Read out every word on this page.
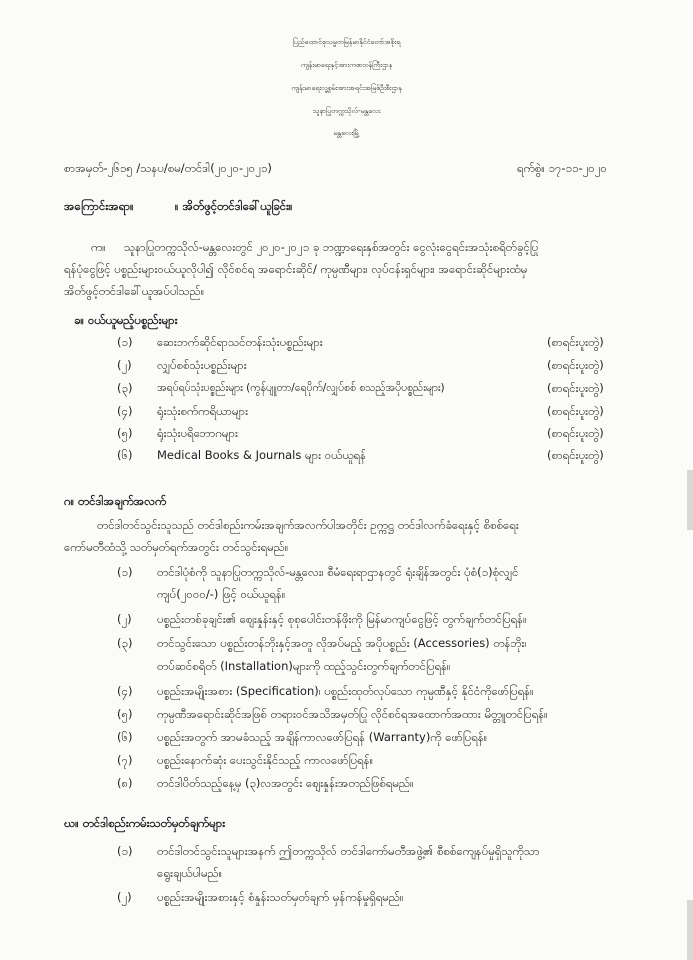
ပြည်ထောင်စုသမ္မတမြန်မာနိုင်ငံတော်အစိုးရ
ကျန်းမာရေးနှင့်အားကစားဝန်ကြီးဌာန
ကျန်းမာရေးလူ့စွမ်းအားအရင်းအမြစ်ဦးစီးဌာန
သူနာပြုတက္ကသိုလ်-မန္တလေး
မန္တလေးမြို့
စာအမှတ်-၂၆၁၅ /သနပ/စမ/တင်ဒါ(၂၀၂၀-၂၀၂၁)	ရက်စွဲ။ ၁၇-၁၁-၂၀၂၀
အကြောင်းအရာ။	။ အိတ်ဖွင့်တင်ဒါခေါ်ယူခြင်း။
က။ သူနာပြုတက္ကသိုလ်-မန္တလေးတွင် ၂၀၂၀-၂၀၂၁ ခု ဘဏ္ဍာရေးနှစ်အတွင်း ငွေလုံးငွေရင်းအသုံးစရိတ်ခွင့်ပြု
ရန်ပုံငွေဖြင့် ပစ္စည်းများဝယ်ယူလိုပါ၍ လိုင်စင်ရ အရောင်းဆိုင်/ ကုမ္ပဏီများ၊ လုပ်ငန်းရှင်များ၊ အရောင်းဆိုင်များထံမှ
အိတ်ဖွင့်တင်ဒါခေါ်ယူအပ်ပါသည်။
ခ။ ဝယ်ယူမည့်ပစ္စည်းများ
(၁) ဆေးဘက်ဆိုင်ရာသင်တန်းသုံးပစ္စည်းများ	(စာရင်းပူးတွဲ)
(၂) လျှပ်စစ်သုံးပစ္စည်းများ	(စာရင်းပူးတွဲ)
(၃) အရပ်ရပ်သုံးပစ္စည်းများ (ကွန်ပျူတာ/ရေပိုက်/လျှပ်စစ် စသည့်အပိုပစ္စည်းများ)	(စာရင်းပူးတွဲ)
(၄) ရုံးသုံးစက်ကရိယာများ	(စာရင်းပူးတွဲ)
(၅) ရုံးသုံးပရိဘောဂများ	(စာရင်းပူးတွဲ)
(၆) Medical Books & Journals များ ဝယ်ယူရန်	(စာရင်းပူးတွဲ)
ဂ။ တင်ဒါအချက်အလက်
တင်ဒါတင်သွင်းသူသည် တင်ဒါစည်းကမ်းအချက်အလက်ပါအတိုင်း ဥက္ကဋ္ဌ တင်ဒါလက်ခံရေးနှင့် စိစစ်ရေး
ကော်မတီထံသို့ သတ်မှတ်ရက်အတွင်း တင်သွင်းရမည်။
(၁) တင်ဒါပုံစံကို သူနာပြုတက္ကသိုလ်-မန္တလေး၊ စီမံရေးရာဌာနတွင် ရုံးချိန်အတွင်း ပုံစံ(၁)စုံလျှင်
ကျပ်(၂၀၀၀/-) ဖြင့် ဝယ်ယူရန်။
(၂) ပစ္စည်းတစ်ခုချင်း၏ ဈေးနှုန်းနှင့် စုစုပေါင်းတန်ဖိုးကို မြန်မာကျပ်ငွေဖြင့် တွက်ချက်တင်ပြရန်။
(၃) တင်သွင်းသော ပစ္စည်းတန်ဘိုးနှင့်အတူ လိုအပ်မည့် အပိုပစ္စည်း (Accessories) တန်ဘိုး၊
တပ်ဆင်စရိတ် (Installation)များကို ထည့်သွင်းတွက်ချက်တင်ပြရန်။
(၄) ပစ္စည်းအမျိုးအစား (Specification)၊ ပစ္စည်းထုတ်လုပ်သော ကုမ္ပဏီနှင့် နိုင်ငံကိုဖော်ပြရန်။
(၅) ကုမ္ပဏီအရောင်းဆိုင်အဖြစ် တရားဝင်အသိအမှတ်ပြု လိုင်စင်ရအထောက်အထား မိတ္တူတင်ပြရန်။
(၆) ပစ္စည်းအတွက် အာမခံသည့် အချိန်ကာလဖော်ပြရန် (Warranty)ကို ဖော်ပြရန်။
(၇) ပစ္စည်းနောက်ဆုံး ပေးသွင်းနိုင်သည့် ကာလဖော်ပြရန်။
(၈) တင်ဒါပိတ်သည့်နေ့မှ (၃)လအတွင်း ဈေးနှုန်းအတည်ဖြစ်ရမည်။
ဃ။ တင်ဒါစည်းကမ်းသတ်မှတ်ချက်များ
(၁) တင်ဒါတင်သွင်းသူများအနက် ဤတက္ကသိုလ် တင်ဒါကော်မတီအဖွဲ့၏ စီစစ်ကျေနပ်မှုရှိသူကိုသာ
ရွေးချယ်ပါမည်။
(၂) ပစ္စည်းအမျိုးအစားနှင့် စံနှုန်းသတ်မှတ်ချက် မှန်ကန်မှုရှိရမည်။
